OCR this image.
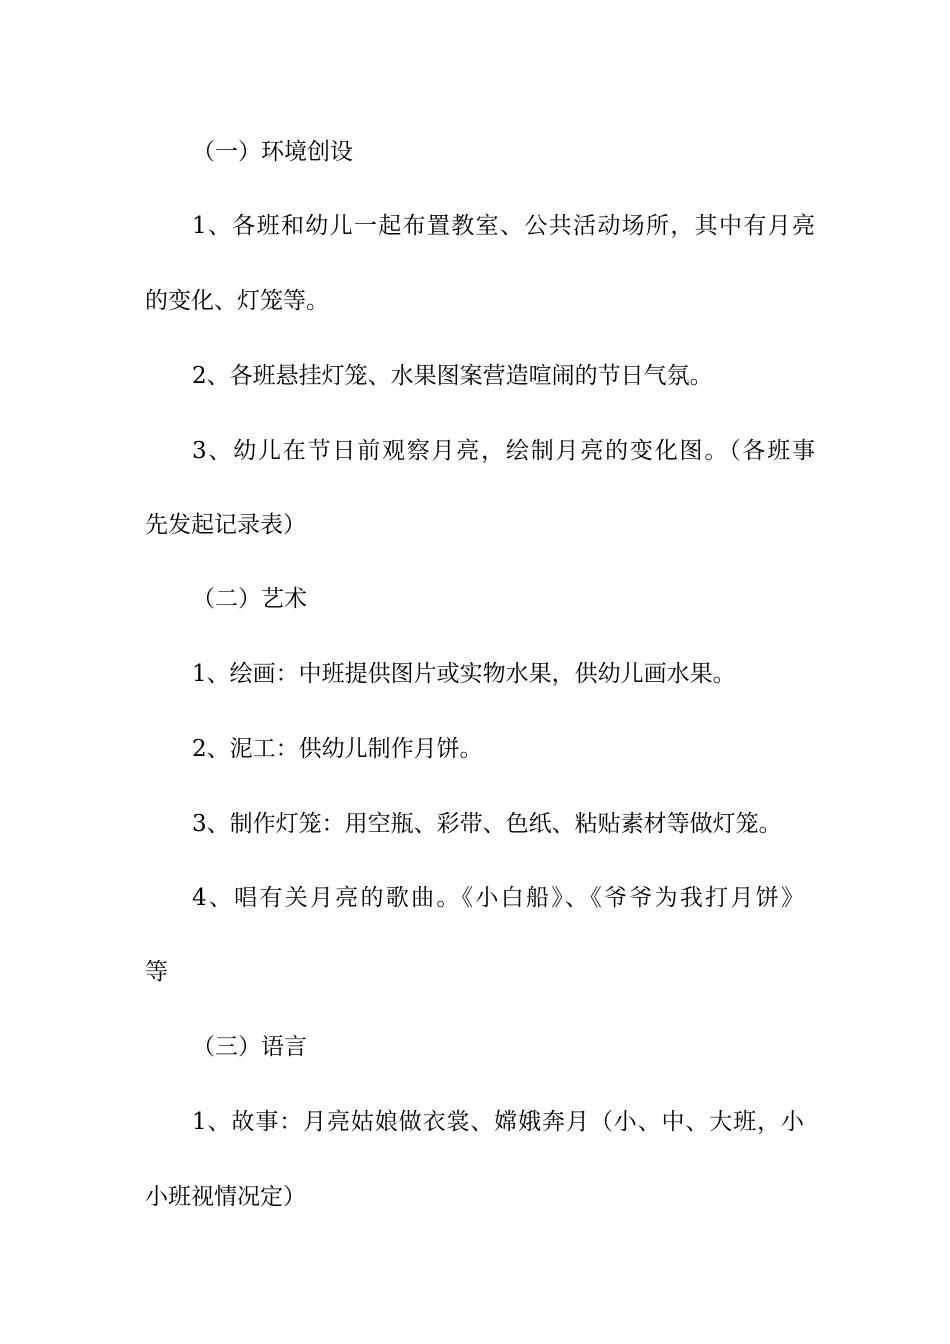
（一）环境创设
1、各班和幼儿一起布置教室、公共活动场所，其中有月亮
的变化、灯笼等。
2、各班悬挂灯笼、水果图案营造喧闹的节日气氛。
3、幼儿在节日前观察月亮，绘制月亮的变化图。（各班事
先发起记录表）
（二）艺术
1、绘画：中班提供图片或实物水果，供幼儿画水果。
2、泥工：供幼儿制作月饼。
3、制作灯笼：用空瓶、彩带、色纸、粘贴素材等做灯笼。
4、唱有关月亮的歌曲。《小白船》、《爷爷为我打月饼》
等
（三）语言
1、故事：月亮姑娘做衣裳、嫦娥奔月（小、中、大班，小
小班视情况定）
